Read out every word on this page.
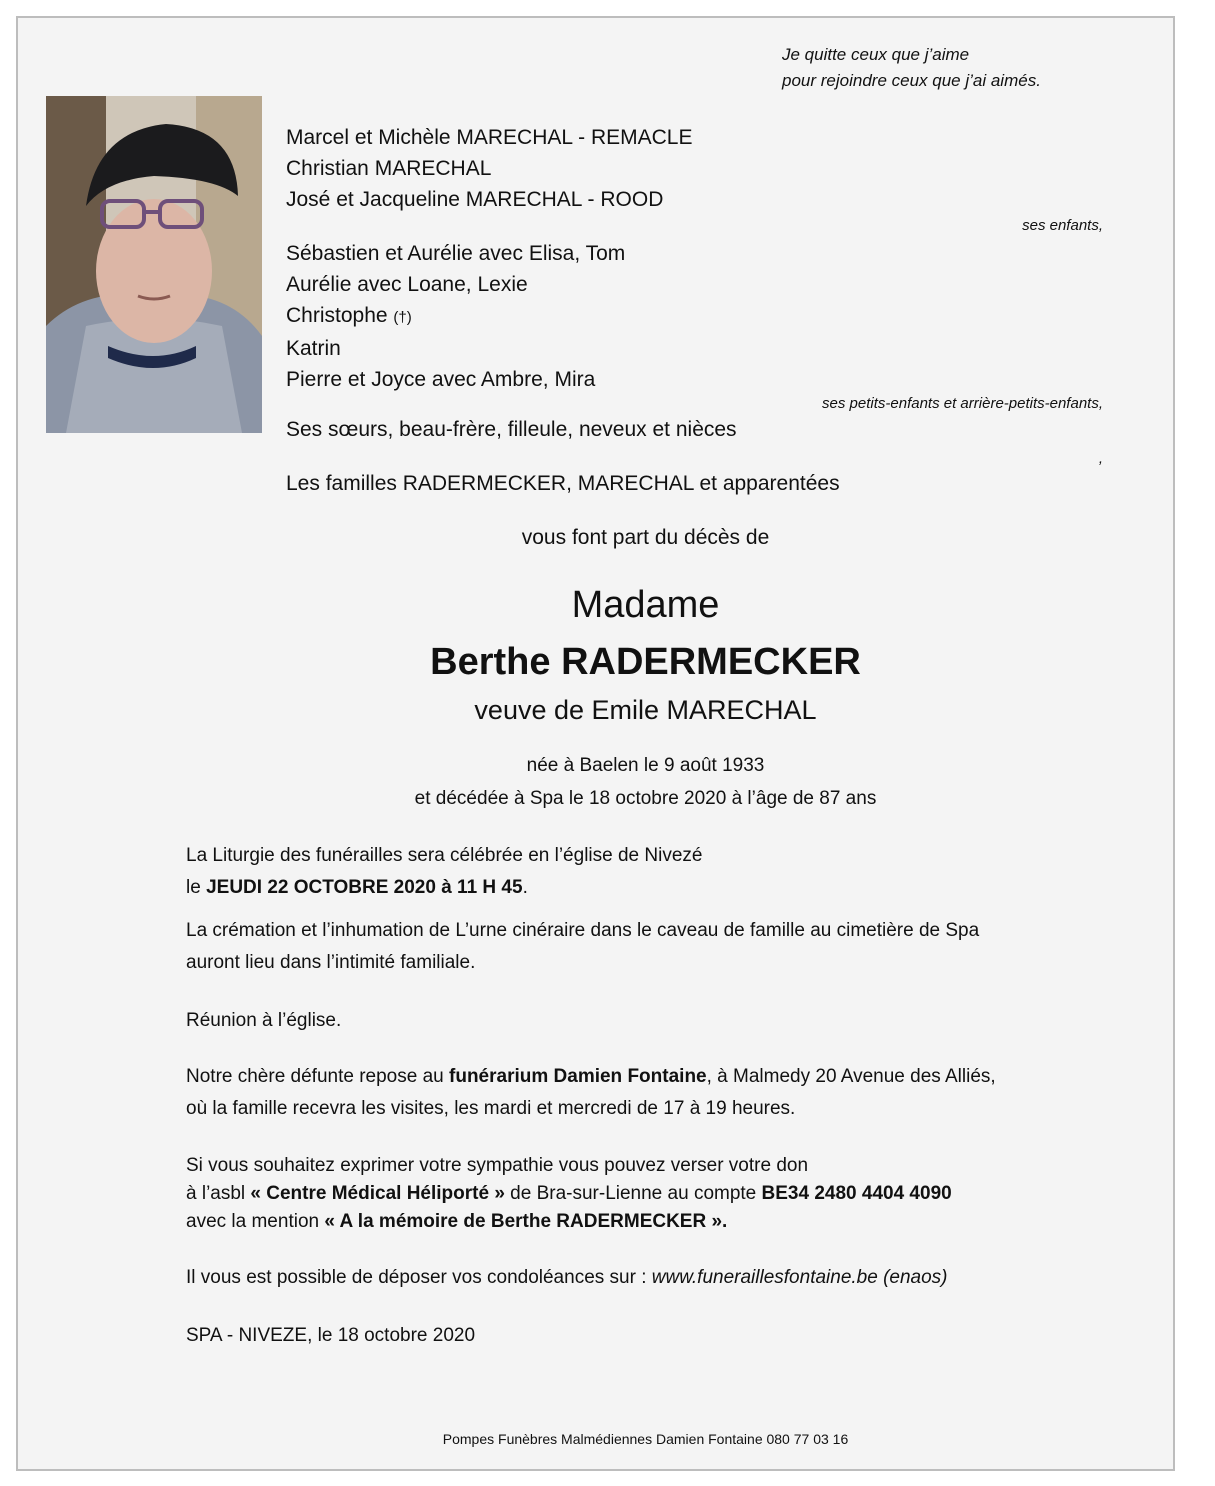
Je quitte ceux que j’aime
pour rejoindre ceux que j’ai aimés.
Marcel et Michèle MARECHAL - REMACLE
Christian MARECHAL
José et Jacqueline MARECHAL - ROOD
ses enfants,
Sébastien et Aurélie avec Elisa, Tom
Aurélie avec Loane, Lexie
Christophe (†)
Katrin
Pierre et Joyce avec Ambre, Mira
ses petits-enfants et arrière-petits-enfants,
Ses sœurs, beau-frère, filleule, neveux et nièces
,
Les familles RADERMECKER, MARECHAL et apparentées
vous font part du décès de
Madame
Berthe RADERMECKER
veuve de Emile MARECHAL
née à Baelen le 9 août 1933
et décédée à Spa le 18 octobre 2020 à l’âge de 87 ans
La Liturgie des funérailles sera célébrée en l’église de Nivezé
le JEUDI 22 OCTOBRE 2020 à 11 H 45.
La crémation et l’inhumation de L’urne cinéraire dans le caveau de famille au cimetière de Spa
auront lieu dans l’intimité familiale.
Réunion à l’église.
Notre chère défunte repose au funérarium Damien Fontaine, à Malmedy 20 Avenue des Alliés,
où la famille recevra les visites, les mardi et mercredi de 17 à 19 heures.
Si vous souhaitez exprimer votre sympathie vous pouvez verser votre don
à l’asbl « Centre Médical Héliporté » de Bra-sur-Lienne au compte BE34 2480 4404 4090
avec la mention « A la mémoire de Berthe RADERMECKER ».
Il vous est possible de déposer vos condoléances sur : www.funeraillesfontaine.be (enaos)
SPA - NIVEZE, le 18 octobre 2020
Pompes Funèbres Malmédiennes Damien Fontaine 080 77 03 16
